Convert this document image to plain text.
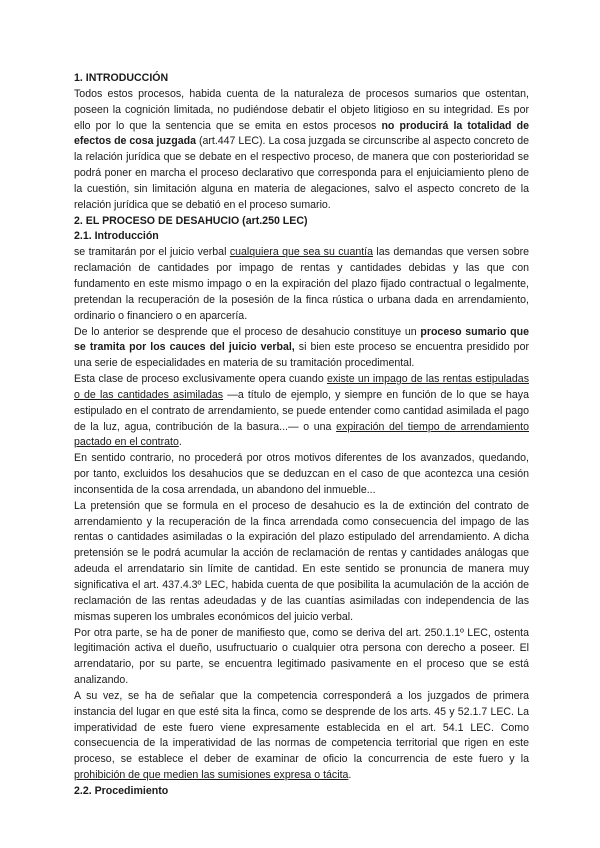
1. INTRODUCCIÓN

Todos estos procesos, habida cuenta de la naturaleza de procesos sumarios que ostentan, poseen la cognición limitada, no pudiéndose debatir el objeto litigioso en su integridad. Es por ello por lo que la sentencia que se emita en estos procesos no producirá la totalidad de efectos de cosa juzgada (art.447 LEC). La cosa juzgada se circunscribe al aspecto concreto de la relación jurídica que se debate en el respectivo proceso, de manera que con posterioridad se podrá poner en marcha el proceso declarativo que corresponda para el enjuiciamiento pleno de la cuestión, sin limitación alguna en materia de alegaciones, salvo el aspecto concreto de la relación jurídica que se debatió en el proceso sumario.

2. EL PROCESO DE DESAHUCIO (art.250 LEC)

2.1. Introducción

se tramitarán por el juicio verbal cualquiera que sea su cuantía las demandas que versen sobre reclamación de cantidades por impago de rentas y cantidades debidas y las que con fundamento en este mismo impago o en la expiración del plazo fijado contractual o legalmente, pretendan la recuperación de la posesión de la finca rústica o urbana dada en arrendamiento, ordinario o financiero o en aparcería.

De lo anterior se desprende que el proceso de desahucio constituye un proceso sumario que se tramita por los cauces del juicio verbal, si bien este proceso se encuentra presidido por una serie de especialidades en materia de su tramitación procedimental.

Esta clase de proceso exclusivamente opera cuando existe un impago de las rentas estipuladas o de las cantidades asimiladas —a título de ejemplo, y siempre en función de lo que se haya estipulado en el contrato de arrendamiento, se puede entender como cantidad asimilada el pago de la luz, agua, contribución de la basura...— o una expiración del tiempo de arrendamiento pactado en el contrato.

En sentido contrario, no procederá por otros motivos diferentes de los avanzados, quedando, por tanto, excluidos los desahucios que se deduzcan en el caso de que acontezca una cesión inconsentida de la cosa arrendada, un abandono del inmueble...

La pretensión que se formula en el proceso de desahucio es la de extinción del contrato de arrendamiento y la recuperación de la finca arrendada como consecuencia del impago de las rentas o cantidades asimiladas o la expiración del plazo estipulado del arrendamiento. A dicha pretensión se le podrá acumular la acción de reclamación de rentas y cantidades análogas que adeuda el arrendatario sin límite de cantidad. En este sentido se pronuncia de manera muy significativa el art. 437.4.3º LEC, habida cuenta de que posibilita la acumulación de la acción de reclamación de las rentas adeudadas y de las cuantías asimiladas con independencia de las mismas superen los umbrales económicos del juicio verbal.

Por otra parte, se ha de poner de manifiesto que, como se deriva del art. 250.1.1º LEC, ostenta legitimación activa el dueño, usufructuario o cualquier otra persona con derecho a poseer. El arrendatario, por su parte, se encuentra legitimado pasivamente en el proceso que se está analizando.

A su vez, se ha de señalar que la competencia corresponderá a los juzgados de primera instancia del lugar en que esté sita la finca, como se desprende de los arts. 45 y 52.1.7 LEC. La imperatividad de este fuero viene expresamente establecida en el art. 54.1 LEC. Como consecuencia de la imperatividad de las normas de competencia territorial que rigen en este proceso, se establece el deber de examinar de oficio la concurrencia de este fuero y la prohibición de que medien las sumisiones expresa o tácita.

2.2. Procedimiento
